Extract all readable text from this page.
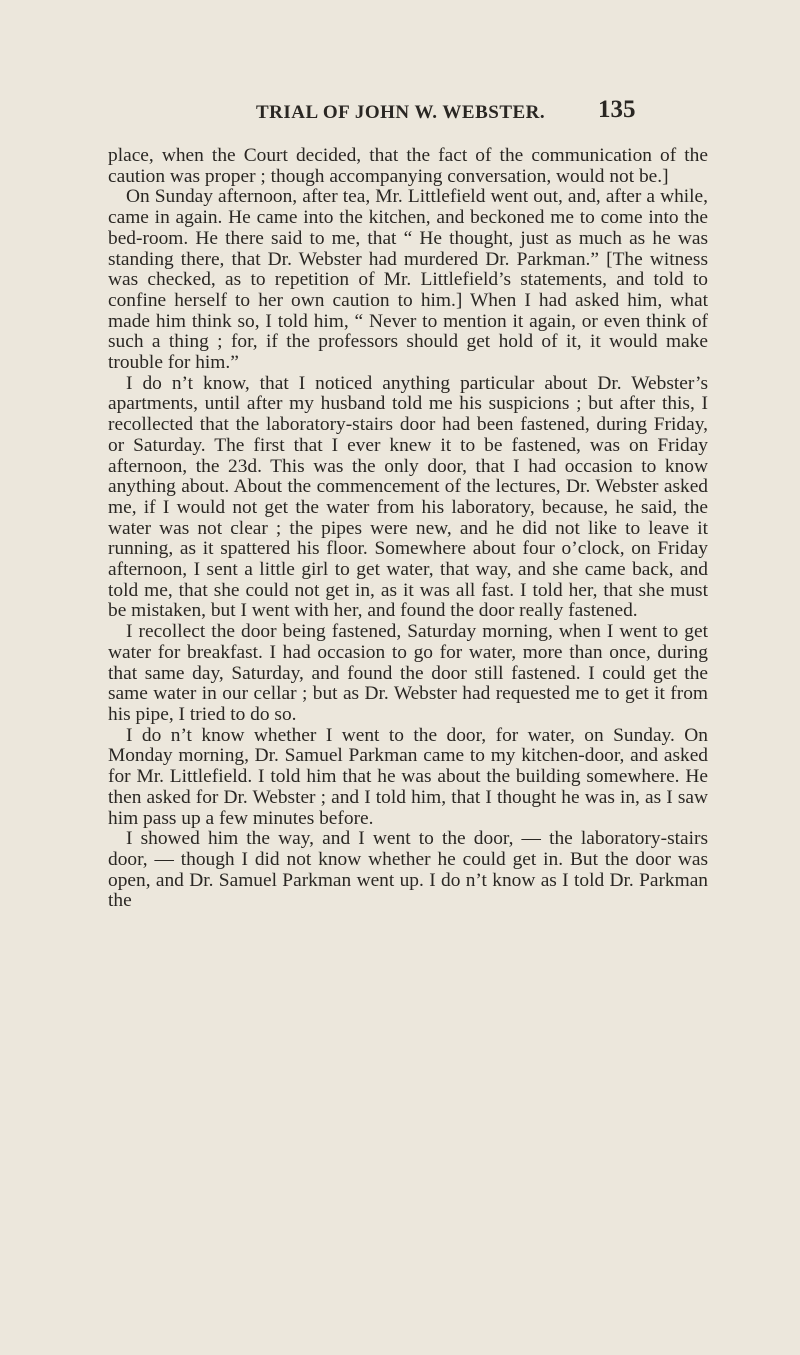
TRIAL OF JOHN W. WEBSTER. 135

place, when the Court decided, that the fact of the communication of the caution was proper ; though accompanying conversation, would not be.]

On Sunday afternoon, after tea, Mr. Littlefield went out, and, after a while, came in again. He came into the kitchen, and beckoned me to come into the bed-room. He there said to me, that “ He thought, just as much as he was standing there, that Dr. Webster had murdered Dr. Parkman.” [The witness was checked, as to repetition of Mr. Littlefield’s statements, and told to confine herself to her own caution to him.] When I had asked him, what made him think so, I told him, “ Never to mention it again, or even think of such a thing ; for, if the professors should get hold of it, it would make trouble for him.”

I do n’t know, that I noticed anything particular about Dr. Webster’s apartments, until after my husband told me his suspicions ; but after this, I recollected that the laboratory-stairs door had been fastened, during Friday, or Saturday. The first that I ever knew it to be fastened, was on Friday afternoon, the 23d. This was the only door, that I had occasion to know anything about. About the commencement of the lectures, Dr. Webster asked me, if I would not get the water from his laboratory, because, he said, the water was not clear ; the pipes were new, and he did not like to leave it running, as it spattered his floor. Somewhere about four o’clock, on Friday afternoon, I sent a little girl to get water, that way, and she came back, and told me, that she could not get in, as it was all fast. I told her, that she must be mistaken, but I went with her, and found the door really fastened.

I recollect the door being fastened, Saturday morning, when I went to get water for breakfast. I had occasion to go for water, more than once, during that same day, Saturday, and found the door still fastened. I could get the same water in our cellar ; but as Dr. Webster had requested me to get it from his pipe, I tried to do so.

I do n’t know whether I went to the door, for water, on Sunday. On Monday morning, Dr. Samuel Parkman came to my kitchen-door, and asked for Mr. Littlefield. I told him that he was about the building somewhere. He then asked for Dr. Webster ; and I told him, that I thought he was in, as I saw him pass up a few minutes before.

I showed him the way, and I went to the door, — the laboratory-stairs door, — though I did not know whether he could get in. But the door was open, and Dr. Samuel Parkman went up. I do n’t know as I told Dr. Parkman the
